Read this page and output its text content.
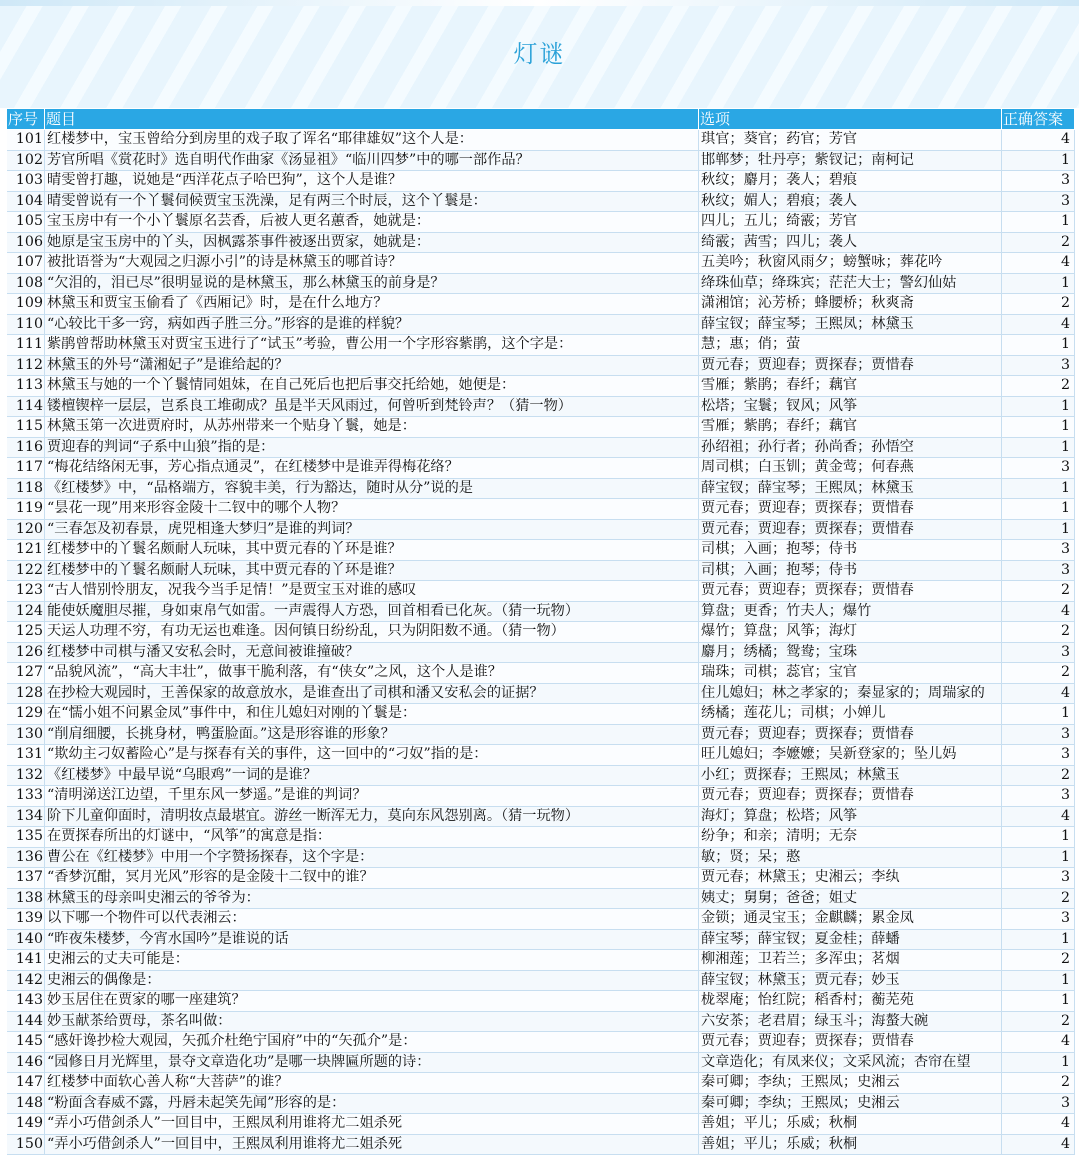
灯谜
序号	题目	选项	正确答案
101	红楼梦中，宝玉曾给分到房里的戏子取了诨名“耶律雄奴”这个人是：	琪官；葵官；药官；芳官	4
102	芳官所唱《赏花时》选自明代作曲家《汤显祖》“临川四梦”中的哪一部作品？	邯郸梦；牡丹亭；紫钗记；南柯记	1
103	晴雯曾打趣，说她是“西洋花点子哈巴狗”，这个人是谁？	秋纹；麝月；袭人；碧痕	3
104	晴雯曾说有一个丫鬟伺候贾宝玉洗澡，足有两三个时辰，这个丫鬟是：	秋纹；媚人；碧痕；袭人	3
105	宝玉房中有一个小丫鬟原名芸香，后被人更名蕙香，她就是：	四儿；五儿；绮霰；芳官	1
106	她原是宝玉房中的丫头，因枫露茶事件被逐出贾家，她就是：	绮霰；茜雪；四儿；袭人	2
107	被批语誉为“大观园之归源小引”的诗是林黛玉的哪首诗？	五美吟；秋窗风雨夕；螃蟹咏；葬花吟	4
108	“欠泪的，泪已尽”很明显说的是林黛玉，那么林黛玉的前身是？	绛珠仙草；绛珠宾；茫茫大士；警幻仙姑	1
109	林黛玉和贾宝玉偷看了《西厢记》时，是在什么地方？	潇湘馆；沁芳桥；蜂腰桥；秋爽斋	2
110	“心较比干多一窍，病如西子胜三分。”形容的是谁的样貌？	薛宝钗；薛宝琴；王熙凤；林黛玉	4
111	紫鹃曾帮助林黛玉对贾宝玉进行了“试玉”考验，曹公用一个字形容紫鹃，这个字是：	慧；惠；俏；萤	1
112	林黛玉的外号“潇湘妃子”是谁给起的？	贾元春；贾迎春；贾探春；贾惜春	3
113	林黛玉与她的一个丫鬟情同姐妹，在自己死后也把后事交托给她，她便是：	雪雁；紫鹃；春纤；藕官	2
114	镂檀锲梓一层层，岂系良工堆砌成？虽是半天风雨过，何曾听到梵铃声？（猜一物）	松塔；宝鬟；钗风；风筝	1
115	林黛玉第一次进贾府时，从苏州带来一个贴身丫鬟，她是：	雪雁；紫鹃；春纤；藕官	1
116	贾迎春的判词“子系中山狼”指的是：	孙绍祖；孙行者；孙尚香；孙悟空	1
117	“梅花结络闲无事，芳心指点通灵”，在红楼梦中是谁弄得梅花络？	周司棋；白玉钏；黄金莺；何春燕	3
118	《红楼梦》中，“品格端方，容貌丰美，行为豁达，随时从分”说的是	薛宝钗；薛宝琴；王熙凤；林黛玉	1
119	“昙花一现”用来形容金陵十二钗中的哪个人物？	贾元春；贾迎春；贾探春；贾惜春	1
120	“三春怎及初春景，虎兕相逢大梦归”是谁的判词？	贾元春；贾迎春；贾探春；贾惜春	1
121	红楼梦中的丫鬟名颇耐人玩味，其中贾元春的丫环是谁？	司棋；入画；抱琴；侍书	3
122	红楼梦中的丫鬟名颇耐人玩味，其中贾元春的丫环是谁？	司棋；入画；抱琴；侍书	3
123	“古人惜别怜朋友，况我今当手足情！”是贾宝玉对谁的感叹	贾元春；贾迎春；贾探春；贾惜春	2
124	能使妖魔胆尽摧，身如束帛气如雷。一声震得人方恐，回首相看已化灰。（猜一玩物）	算盘；更香；竹夫人；爆竹	4
125	天运人功理不穷，有功无运也难逢。因何镇日纷纷乱，只为阴阳数不通。（猜一物）	爆竹；算盘；风筝；海灯	2
126	红楼梦中司棋与潘又安私会时，无意间被谁撞破？	麝月；绣橘；鸳鸯；宝珠	3
127	“品貌风流”，“高大丰壮”，做事干脆利落，有“侠女”之风，这个人是谁？	瑞珠；司棋；蕊官；宝官	2
128	在抄检大观园时，王善保家的故意放水，是谁查出了司棋和潘又安私会的证据？	住儿媳妇；林之孝家的；秦显家的；周瑞家的	4
129	在“懦小姐不问累金凤”事件中，和住儿媳妇对刚的丫鬟是：	绣橘；莲花儿；司棋；小婵儿	1
130	“削肩细腰，长挑身材，鸭蛋脸面。”这是形容谁的形象？	贾元春；贾迎春；贾探春；贾惜春	3
131	“欺幼主刁奴蓄险心”是与探春有关的事件，这一回中的“刁奴”指的是：	旺儿媳妇；李嬷嬷；吴新登家的；坠儿妈	3
132	《红楼梦》中最早说“乌眼鸡”一词的是谁？	小红；贾探春；王熙凤；林黛玉	2
133	“清明涕送江边望，千里东风一梦遥。”是谁的判词？	贾元春；贾迎春；贾探春；贾惜春	3
134	阶下儿童仰面时，清明妆点最堪宜。游丝一断浑无力，莫向东风怨别离。（猜一玩物）	海灯；算盘；松塔；风筝	4
135	在贾探春所出的灯谜中，“风筝”的寓意是指：	纷争；和亲；清明；无奈	1
136	曹公在《红楼梦》中用一个字赞扬探春，这个字是：	敏；贤；呆；憨	1
137	“香梦沉酣，冥月光风”形容的是金陵十二钗中的谁？	贾元春；林黛玉；史湘云；李纨	3
138	林黛玉的母亲叫史湘云的爷爷为：	姨丈；舅舅；爸爸；姐丈	2
139	以下哪一个物件可以代表湘云：	金锁；通灵宝玉；金麒麟；累金凤	3
140	“昨夜朱楼梦，今宵水国吟”是谁说的话	薛宝琴；薛宝钗；夏金桂；薛蟠	1
141	史湘云的丈夫可能是：	柳湘莲；卫若兰；多浑虫；茗烟	2
142	史湘云的偶像是：	薛宝钗；林黛玉；贾元春；妙玉	1
143	妙玉居住在贾家的哪一座建筑？	栊翠庵；怡红院；稻香村；蘅芜苑	1
144	妙玉献茶给贾母，茶名叫做：	六安茶；老君眉；绿玉斗；海螯大碗	2
145	“感奸谗抄检大观园，矢孤介杜绝宁国府”中的“矢孤介”是：	贾元春；贾迎春；贾探春；贾惜春	4
146	“园修日月光辉里，景夺文章造化功”是哪一块牌匾所题的诗：	文章造化；有凤来仪；文采风流；杏帘在望	1
147	红楼梦中面软心善人称“大菩萨”的谁？	秦可卿；李纨；王熙凤；史湘云	2
148	“粉面含春威不露，丹唇未起笑先闻”形容的是：	秦可卿；李纨；王熙凤；史湘云	3
149	“弄小巧借剑杀人”一回目中，王熙凤利用谁将尤二姐杀死	善姐；平儿；乐威；秋桐	4
150	“弄小巧借剑杀人”一回目中，王熙凤利用谁将尤二姐杀死	善姐；平儿；乐威；秋桐	4
